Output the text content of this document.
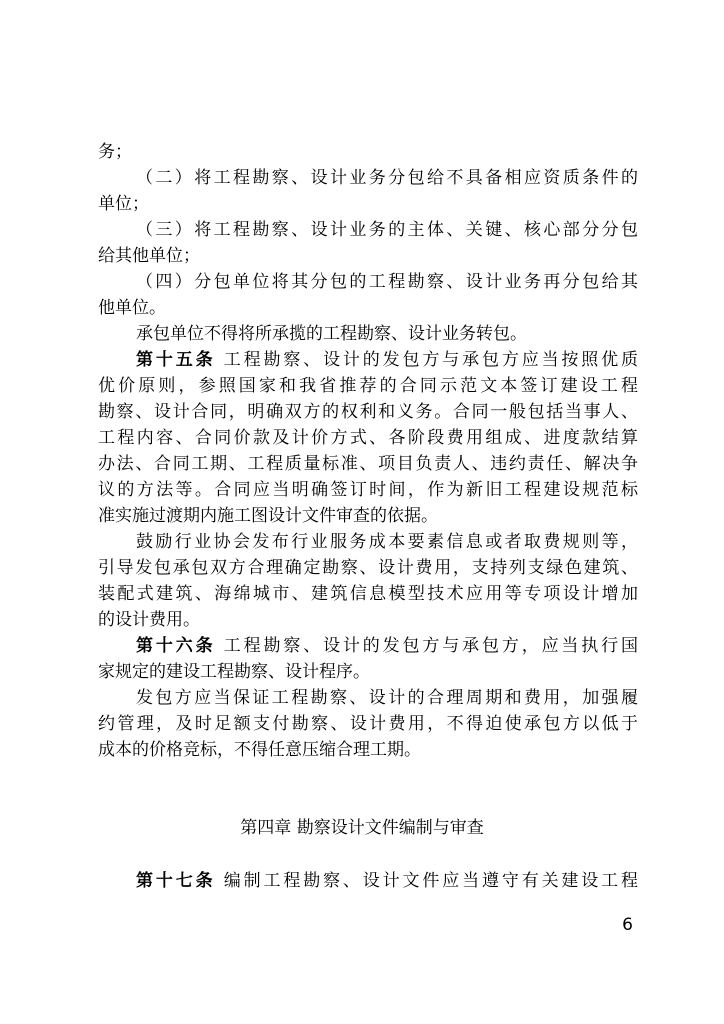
务；
（二）将工程勘察、设计业务分包给不具备相应资质条件的
单位；
（三）将工程勘察、设计业务的主体、关键、核心部分分包
给其他单位；
（四）分包单位将其分包的工程勘察、设计业务再分包给其
他单位。
承包单位不得将所承揽的工程勘察、设计业务转包。
第十五条 工程勘察、设计的发包方与承包方应当按照优质
优价原则，参照国家和我省推荐的合同示范文本签订建设工程
勘察、设计合同，明确双方的权利和义务。合同一般包括当事人、
工程内容、合同价款及计价方式、各阶段费用组成、进度款结算
办法、合同工期、工程质量标准、项目负责人、违约责任、解决争
议的方法等。合同应当明确签订时间，作为新旧工程建设规范标
准实施过渡期内施工图设计文件审查的依据。
鼓励行业协会发布行业服务成本要素信息或者取费规则等，
引导发包承包双方合理确定勘察、设计费用，支持列支绿色建筑、
装配式建筑、海绵城市、建筑信息模型技术应用等专项设计增加
的设计费用。
第十六条 工程勘察、设计的发包方与承包方，应当执行国
家规定的建设工程勘察、设计程序。
发包方应当保证工程勘察、设计的合理周期和费用，加强履
约管理，及时足额支付勘察、设计费用，不得迫使承包方以低于
成本的价格竞标，不得任意压缩合理工期。
第四章 勘察设计文件编制与审查
第十七条 编制工程勘察、设计文件应当遵守有关建设工程
6
